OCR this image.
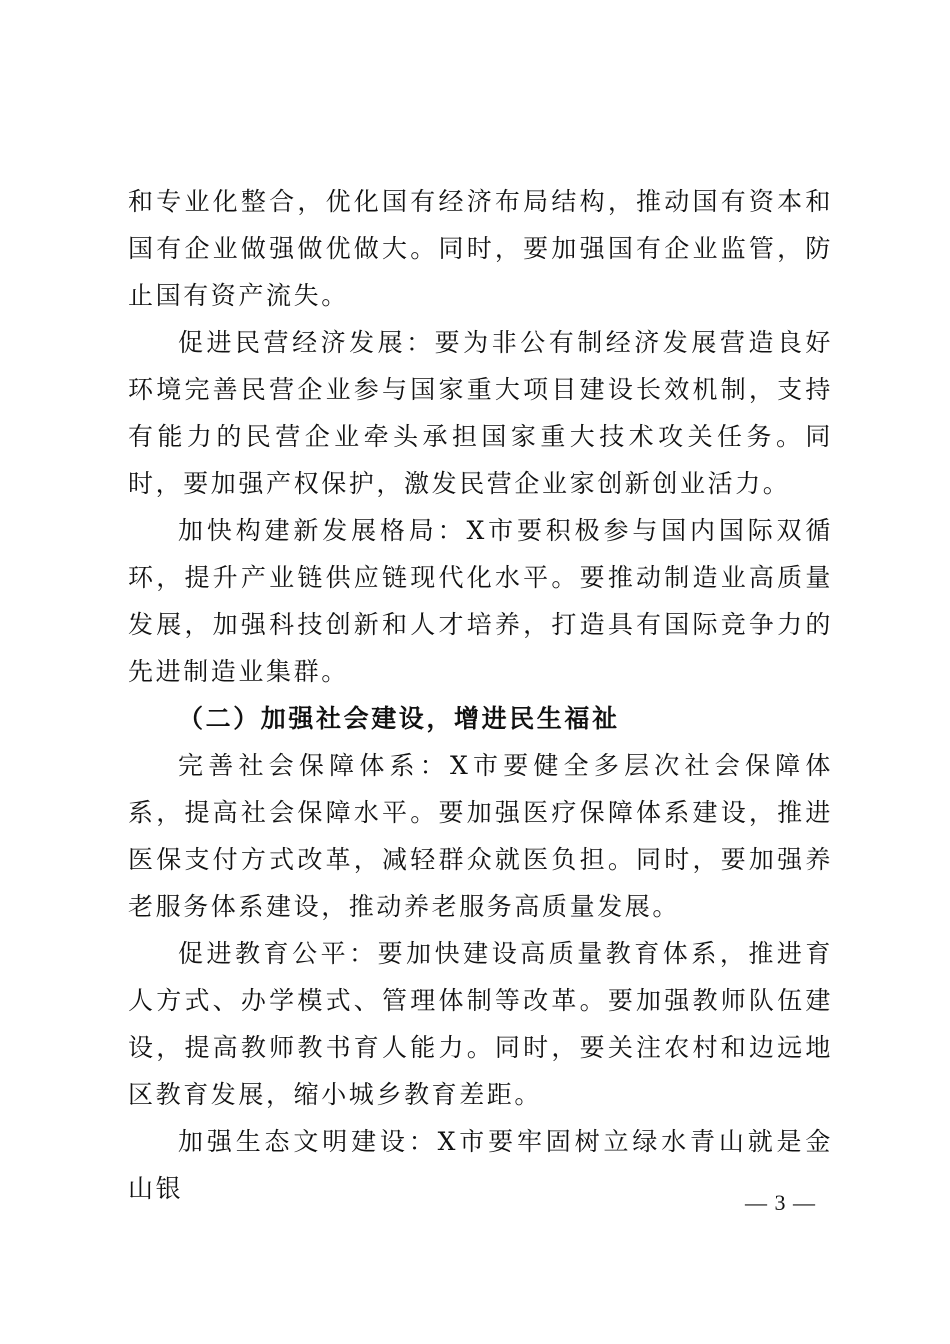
和专业化整合，优化国有经济布局结构，推动国有资本和国有企业做强做优做大。同时，要加强国有企业监管，防止国有资产流失。

促进民营经济发展：要为非公有制经济发展营造良好环境完善民营企业参与国家重大项目建设长效机制，支持有能力的民营企业牵头承担国家重大技术攻关任务。同时，要加强产权保护，激发民营企业家创新创业活力。

加快构建新发展格局：X市要积极参与国内国际双循环，提升产业链供应链现代化水平。要推动制造业高质量发展，加强科技创新和人才培养，打造具有国际竞争力的先进制造业集群。

（二）加强社会建设，增进民生福祉

完善社会保障体系：X市要健全多层次社会保障体系，提高社会保障水平。要加强医疗保障体系建设，推进医保支付方式改革，减轻群众就医负担。同时，要加强养老服务体系建设，推动养老服务高质量发展。

促进教育公平：要加快建设高质量教育体系，推进育人方式、办学模式、管理体制等改革。要加强教师队伍建设，提高教师教书育人能力。同时，要关注农村和边远地区教育发展，缩小城乡教育差距。

加强生态文明建设：X市要牢固树立绿水青山就是金山银	— 3 —
